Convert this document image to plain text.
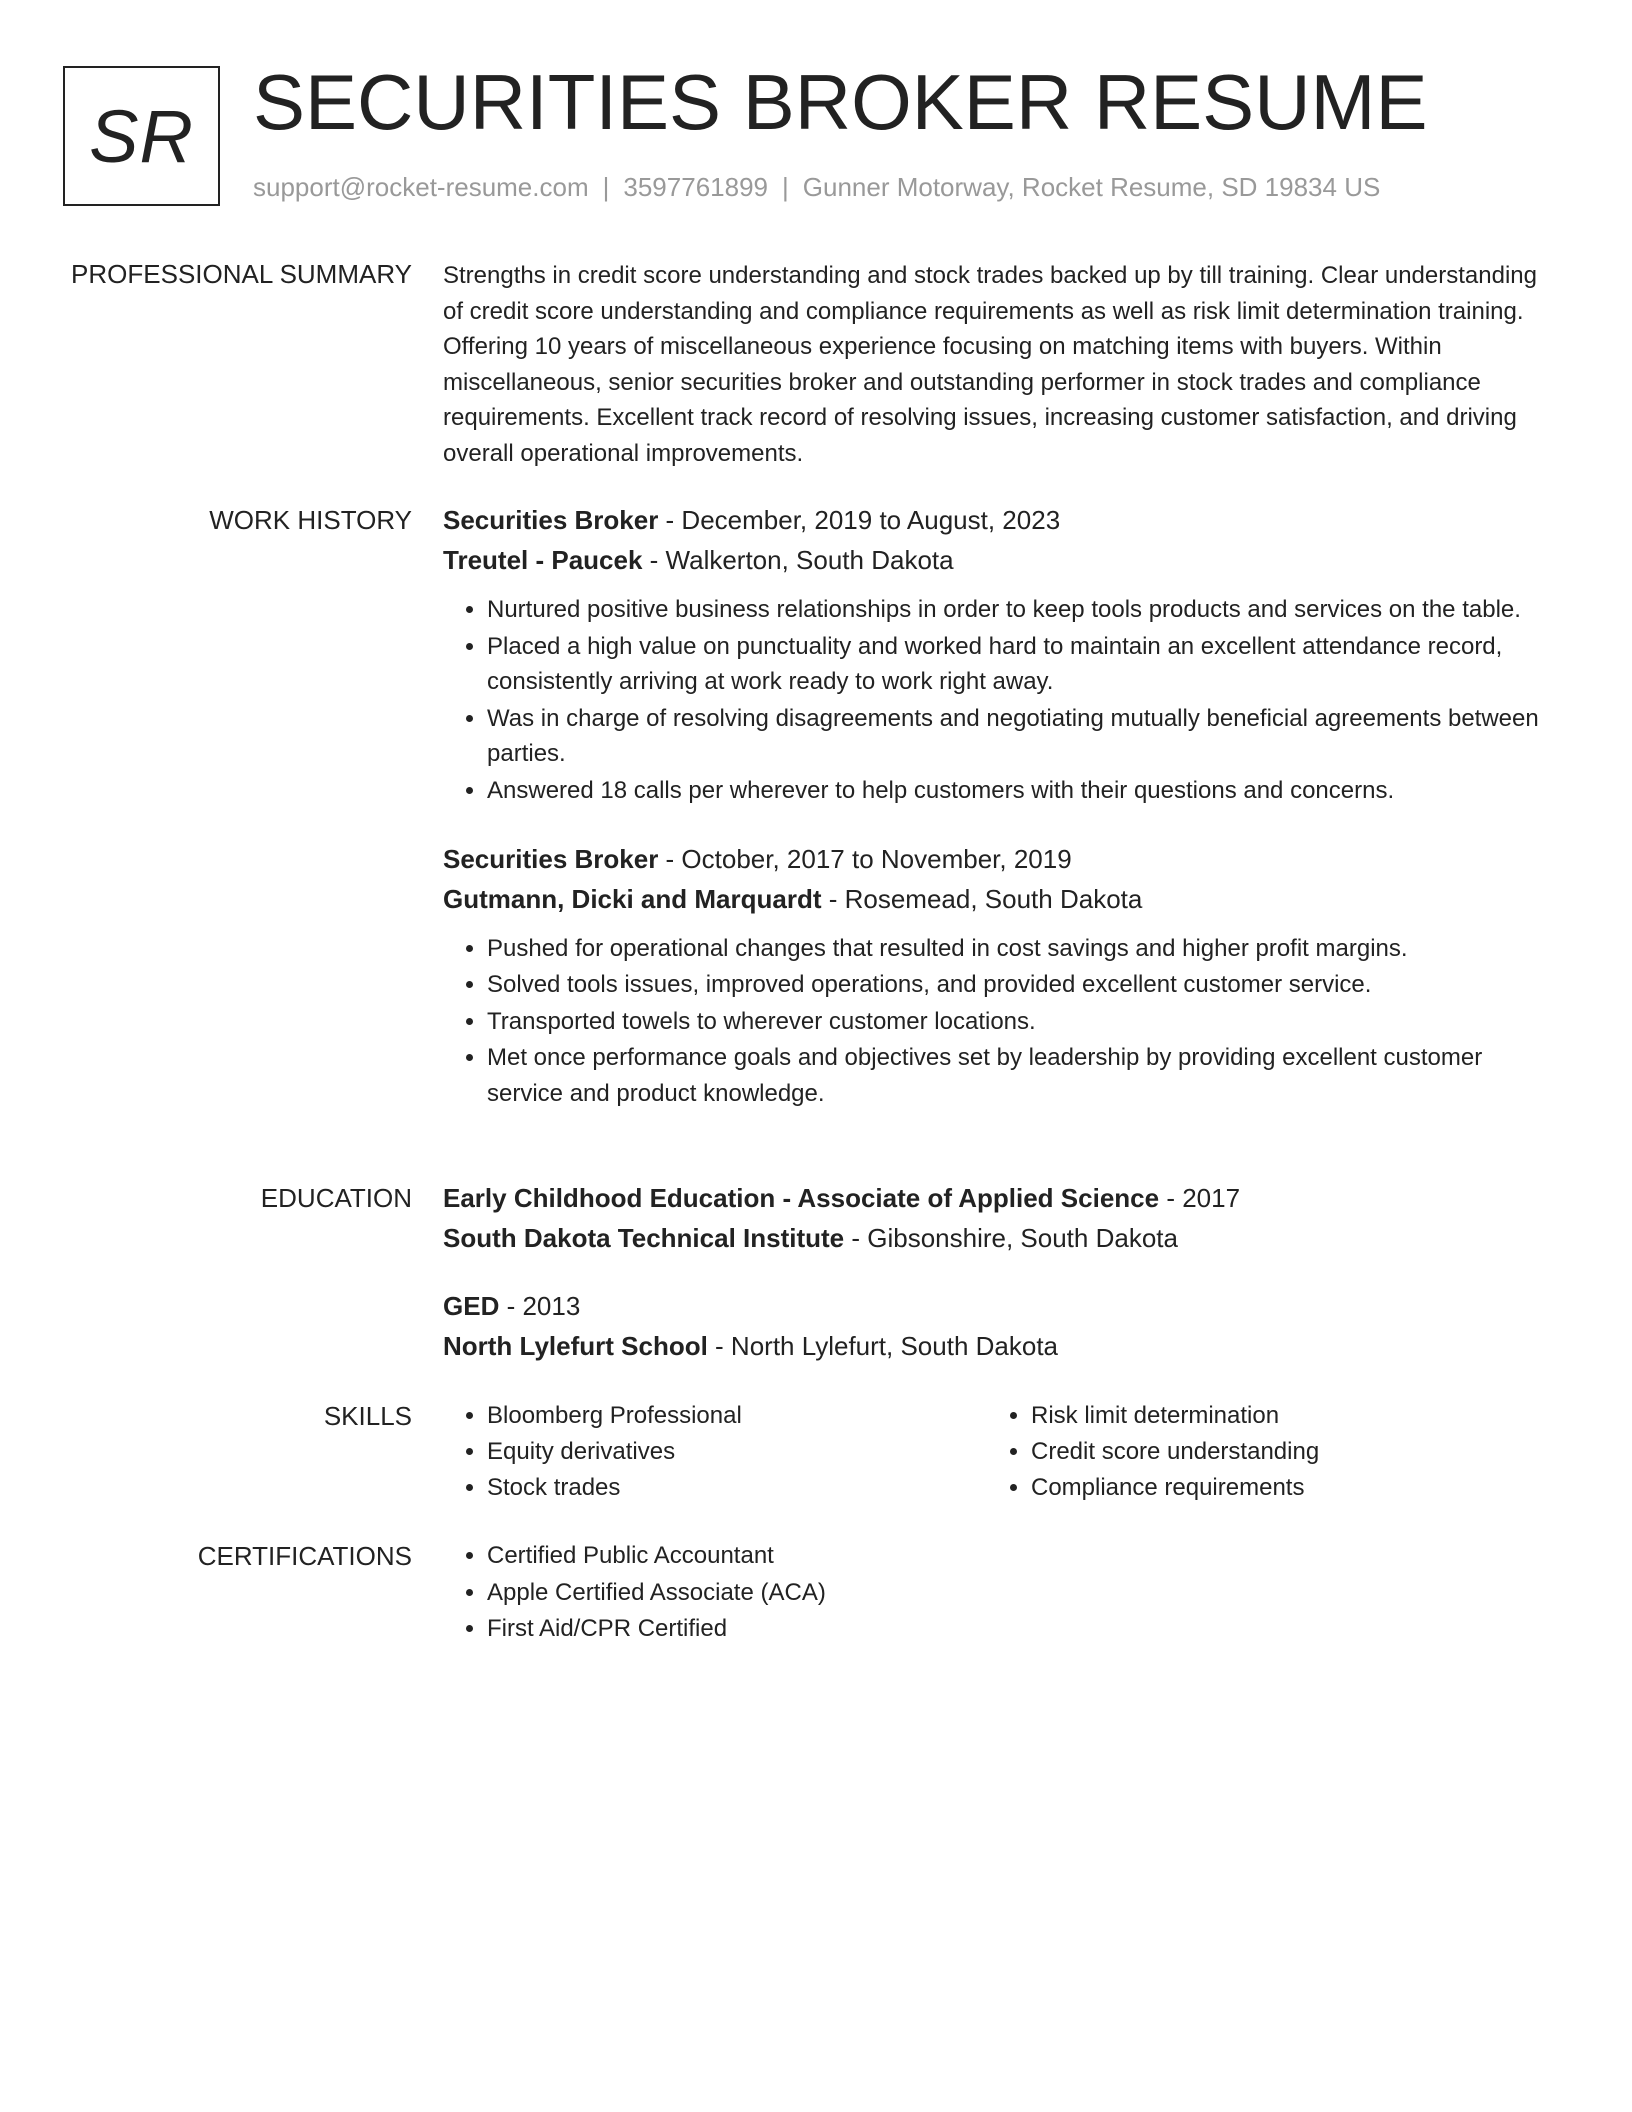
SR SECURITIES BROKER RESUME
support@rocket-resume.com | 3597761899 | Gunner Motorway, Rocket Resume, SD 19834 US
PROFESSIONAL SUMMARY Strengths in credit score understanding and stock trades backed up by till training. Clear understanding of credit score understanding and compliance requirements as well as risk limit determination training. Offering 10 years of miscellaneous experience focusing on matching items with buyers. Within miscellaneous, senior securities broker and outstanding performer in stock trades and compliance requirements. Excellent track record of resolving issues, increasing customer satisfaction, and driving overall operational improvements.

WORK HISTORY Securities Broker - December, 2019 to August, 2023
Treutel - Paucek - Walkerton, South Dakota
• Nurtured positive business relationships in order to keep tools products and services on the table.
• Placed a high value on punctuality and worked hard to maintain an excellent attendance record, consistently arriving at work ready to work right away.
• Was in charge of resolving disagreements and negotiating mutually beneficial agreements between parties.
• Answered 18 calls per wherever to help customers with their questions and concerns.
Securities Broker - October, 2017 to November, 2019
Gutmann, Dicki and Marquardt - Rosemead, South Dakota
• Pushed for operational changes that resulted in cost savings and higher profit margins.
• Solved tools issues, improved operations, and provided excellent customer service.
• Transported towels to wherever customer locations.
• Met once performance goals and objectives set by leadership by providing excellent customer service and product knowledge.
EDUCATION Early Childhood Education - Associate of Applied Science - 2017
South Dakota Technical Institute - Gibsonshire, South Dakota
GED - 2013
North Lylefurt School - North Lylefurt, South Dakota
SKILLS	• Bloomberg Professional
• Equity derivatives
• Stock trades
• Risk limit determination
• Credit score understanding
• Compliance requirements
CERTIFICATIONS	• Certified Public Accountant
• Apple Certified Associate (ACA)
• First Aid/CPR Certified
